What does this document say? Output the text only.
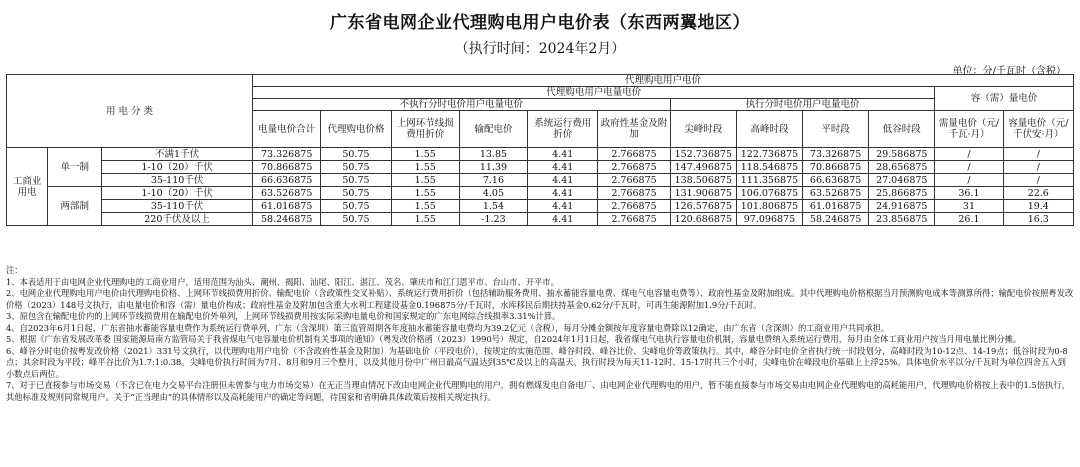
广东省电网企业代理购电用户电价表（东西两翼地区）
（执行时间：2024年2月）
单位：分/千瓦时（含税）
用 电 分 类			代理购电用户电价											
			代理购电用户电量电价										容（需）量电价	
			不执行分时电价用户电量电价						执行分时电价用户电量电价					
			电量电价合计	代理购电价格	上网环节线损费用折价	输配电价	系统运行费用折价	政府性基金及附加	尖峰时段	高峰时段	平时段	低谷时段	需量电价（元/千瓦·月）	容量电价（元/千伏安·月）
工商业用电	单一制	不满1千伏	73.326875	50.75	1.55	13.85	4.41	2.766875	152.736875	122.736875	73.326875	29.586875	/	/
		1-10（20）千伏	70.866875	50.75	1.55	11.39	4.41	2.766875	147.496875	118.546875	70.866875	28.656875	/	/
		35-110千伏	66.636875	50.75	1.55	7.16	4.41	2.766875	138.506875	111.356875	66.636875	27.046875	/	/
	两部制	1-10（20）千伏	63.526875	50.75	1.55	4.05	4.41	2.766875	131.906875	106.076875	63.526875	25.866875	36.1	22.6
		35-110千伏	61.016875	50.75	1.55	1.54	4.41	2.766875	126.576875	101.806875	61.016875	24.916875	31	19.4
		220千伏及以上	58.246875	50.75	1.55	-1.23	4.41	2.766875	120.686875	97.096875	58.246875	23.856875	26.1	16.3

注：

1、本表适用于由电网企业代理购电的工商业用户，适用范围为汕头、潮州、揭阳、汕尾、阳江、湛江、茂名、肇庆市和江门恩平市、台山市、开平市。

2、电网企业代理购电用户电价由代理购电价格、上网环节线损费用折价、输配电价（含政策性交叉补贴）、系统运行费用折价（包括辅助服务费用、抽水蓄能容量电费、煤电气电容量电费等）、政府性基金及附加组成。其中代理购电价格根据当月预测购电成本等测算所得；输配电价按照粤发改价格（2023）148号文执行，由电量电价和容（需）量电价构成；政府性基金及附加包含重大水利工程建设基金0.196875分/千瓦时，水库移民后期扶持基金0.62分/千瓦时，可再生能源附加1.9分/千瓦时。

3、原包含在输配电价内的上网环节线损费用在输配电价外单列，上网环节线损费用按实际采购电量电价和国家规定的广东电网综合线损率3.31%计算。

4、自2023年6月1日起，广东省抽水蓄能容量电费作为系统运行费单列，广东（含深圳）第三监管周期各年度抽水蓄能容量电费均为39.2亿元（含税），每月分摊金额按年度容量电费除以12确定，由广东省（含深圳）的工商业用户共同承担。

5、根据《广东省发展改革委 国家能源局南方监管局关于我省煤电气电容量电价机制有关事项的通知》（粤发改价格函（2023）1990号）规定，自2024年1月1日起，我省煤电气电执行容量电价机制，容量电费纳入系统运行费用，每月由全体工商业用户按当月用电量比例分摊。

6、峰谷分时电价按粤发改价格（2021）331号文执行，以代理购电用户电价（不含政府性基金及附加）为基础电价（平段电价），按规定的实施范围、峰谷时段、峰谷比价、尖峰电价等政策执行。其中，峰谷分时电价全省执行统一时段划分，高峰时段为10-12点、14-19点；低谷时段为0-8点；其余时段为平段；峰平谷比价为1.7:1:0.38。尖峰电价执行时间为7月、8月和9月三个整月，以及其他月份中广州日最高气温达到35℃及以上的高温天，执行时段为每天11-12时、15-17时共三个小时，尖峰电价在峰段电价基础上上浮25%。具体电价水平以分/千瓦时为单位四舍五入到小数点后两位。

7、对于已直接参与市场交易（不含已在电力交易平台注册但未曾参与电力市场交易）在无正当理由情况下改由电网企业代理购电的用户，拥有燃煤发电自备电厂、由电网企业代理购电的用户，暂不能直接参与市场交易由电网企业代理购电的高耗能用户，代理购电价格按上表中的1.5倍执行，其他标准及规则同常规用户。关于“正当理由”的具体情形以及高耗能用户的确定等问题，待国家和省明确具体政策后按相关规定执行。
